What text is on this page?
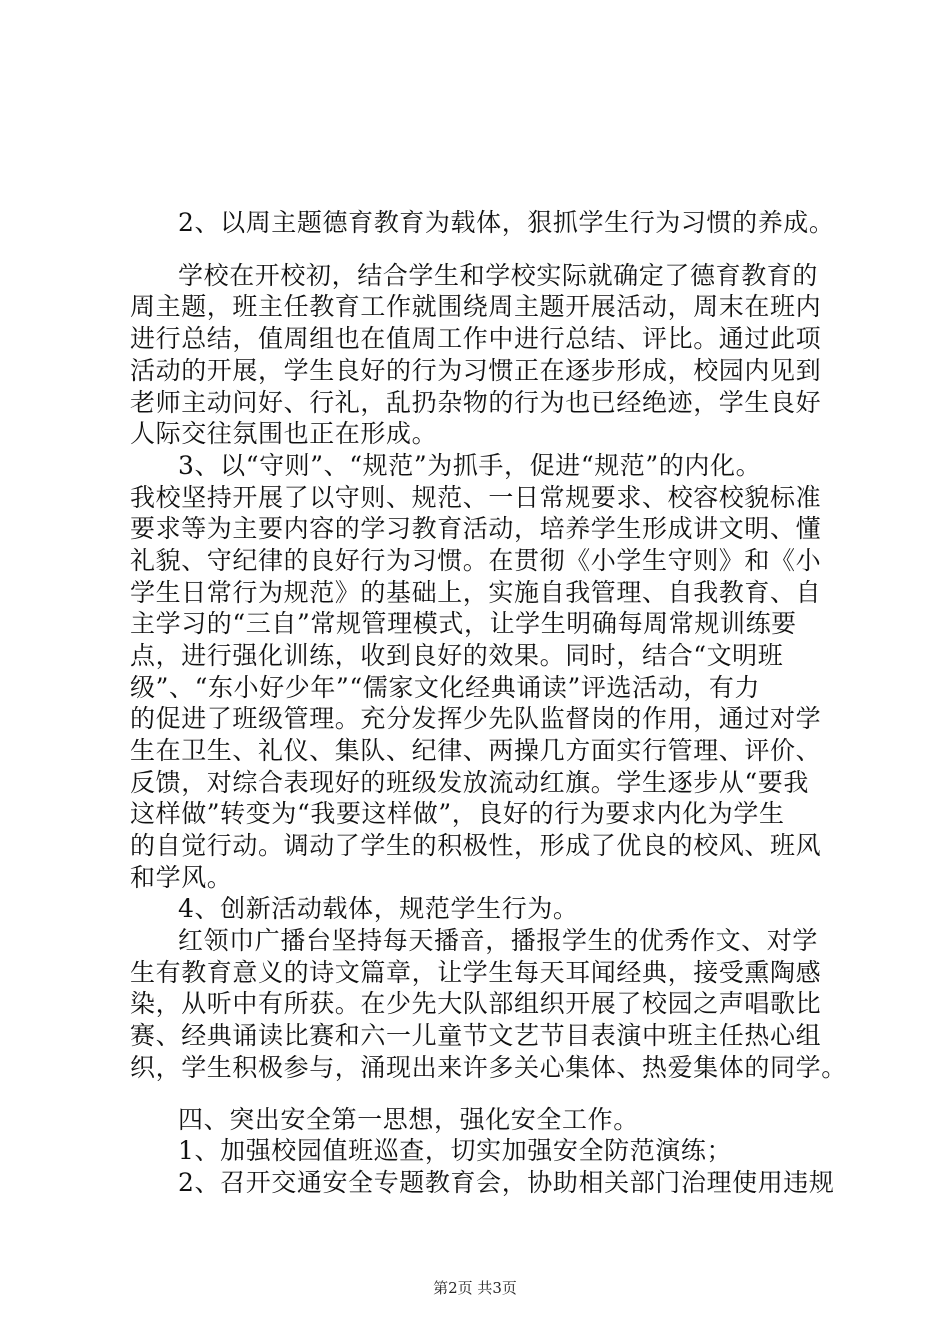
2、以周主题德育教育为载体，狠抓学生行为习惯的养成。
学校在开校初，结合学生和学校实际就确定了德育教育的
周主题，班主任教育工作就围绕周主题开展活动，周末在班内
进行总结，值周组也在值周工作中进行总结、评比。通过此项
活动的开展，学生良好的行为习惯正在逐步形成，校园内见到
老师主动问好、行礼，乱扔杂物的行为也已经绝迹，学生良好
人际交往氛围也正在形成。
3、以“守则”、“规范”为抓手，促进“规范”的内化。
我校坚持开展了以守则、规范、一日常规要求、校容校貌标准
要求等为主要内容的学习教育活动，培养学生形成讲文明、懂
礼貌、守纪律的良好行为习惯。在贯彻《小学生守则》和《小
学生日常行为规范》的基础上，实施自我管理、自我教育、自
主学习的“三自”常规管理模式，让学生明确每周常规训练要
点，进行强化训练，收到良好的效果。同时，结合“文明班
级”、“东小好少年”“儒家文化经典诵读”评选活动，有力
的促进了班级管理。充分发挥少先队监督岗的作用，通过对学
生在卫生、礼仪、集队、纪律、两操几方面实行管理、评价、
反馈，对综合表现好的班级发放流动红旗。学生逐步从“要我
这样做”转变为“我要这样做”，良好的行为要求内化为学生
的自觉行动。调动了学生的积极性，形成了优良的校风、班风
和学风。
4、创新活动载体，规范学生行为。
红领巾广播台坚持每天播音，播报学生的优秀作文、对学
生有教育意义的诗文篇章，让学生每天耳闻经典，接受熏陶感
染，从听中有所获。在少先大队部组织开展了校园之声唱歌比
赛、经典诵读比赛和六一儿童节文艺节目表演中班主任热心组
织，学生积极参与，涌现出来许多关心集体、热爱集体的同学。
四、突出安全第一思想，强化安全工作。
1、加强校园值班巡查，切实加强安全防范演练；
2、召开交通安全专题教育会，协助相关部门治理使用违规
第2页 共3页
